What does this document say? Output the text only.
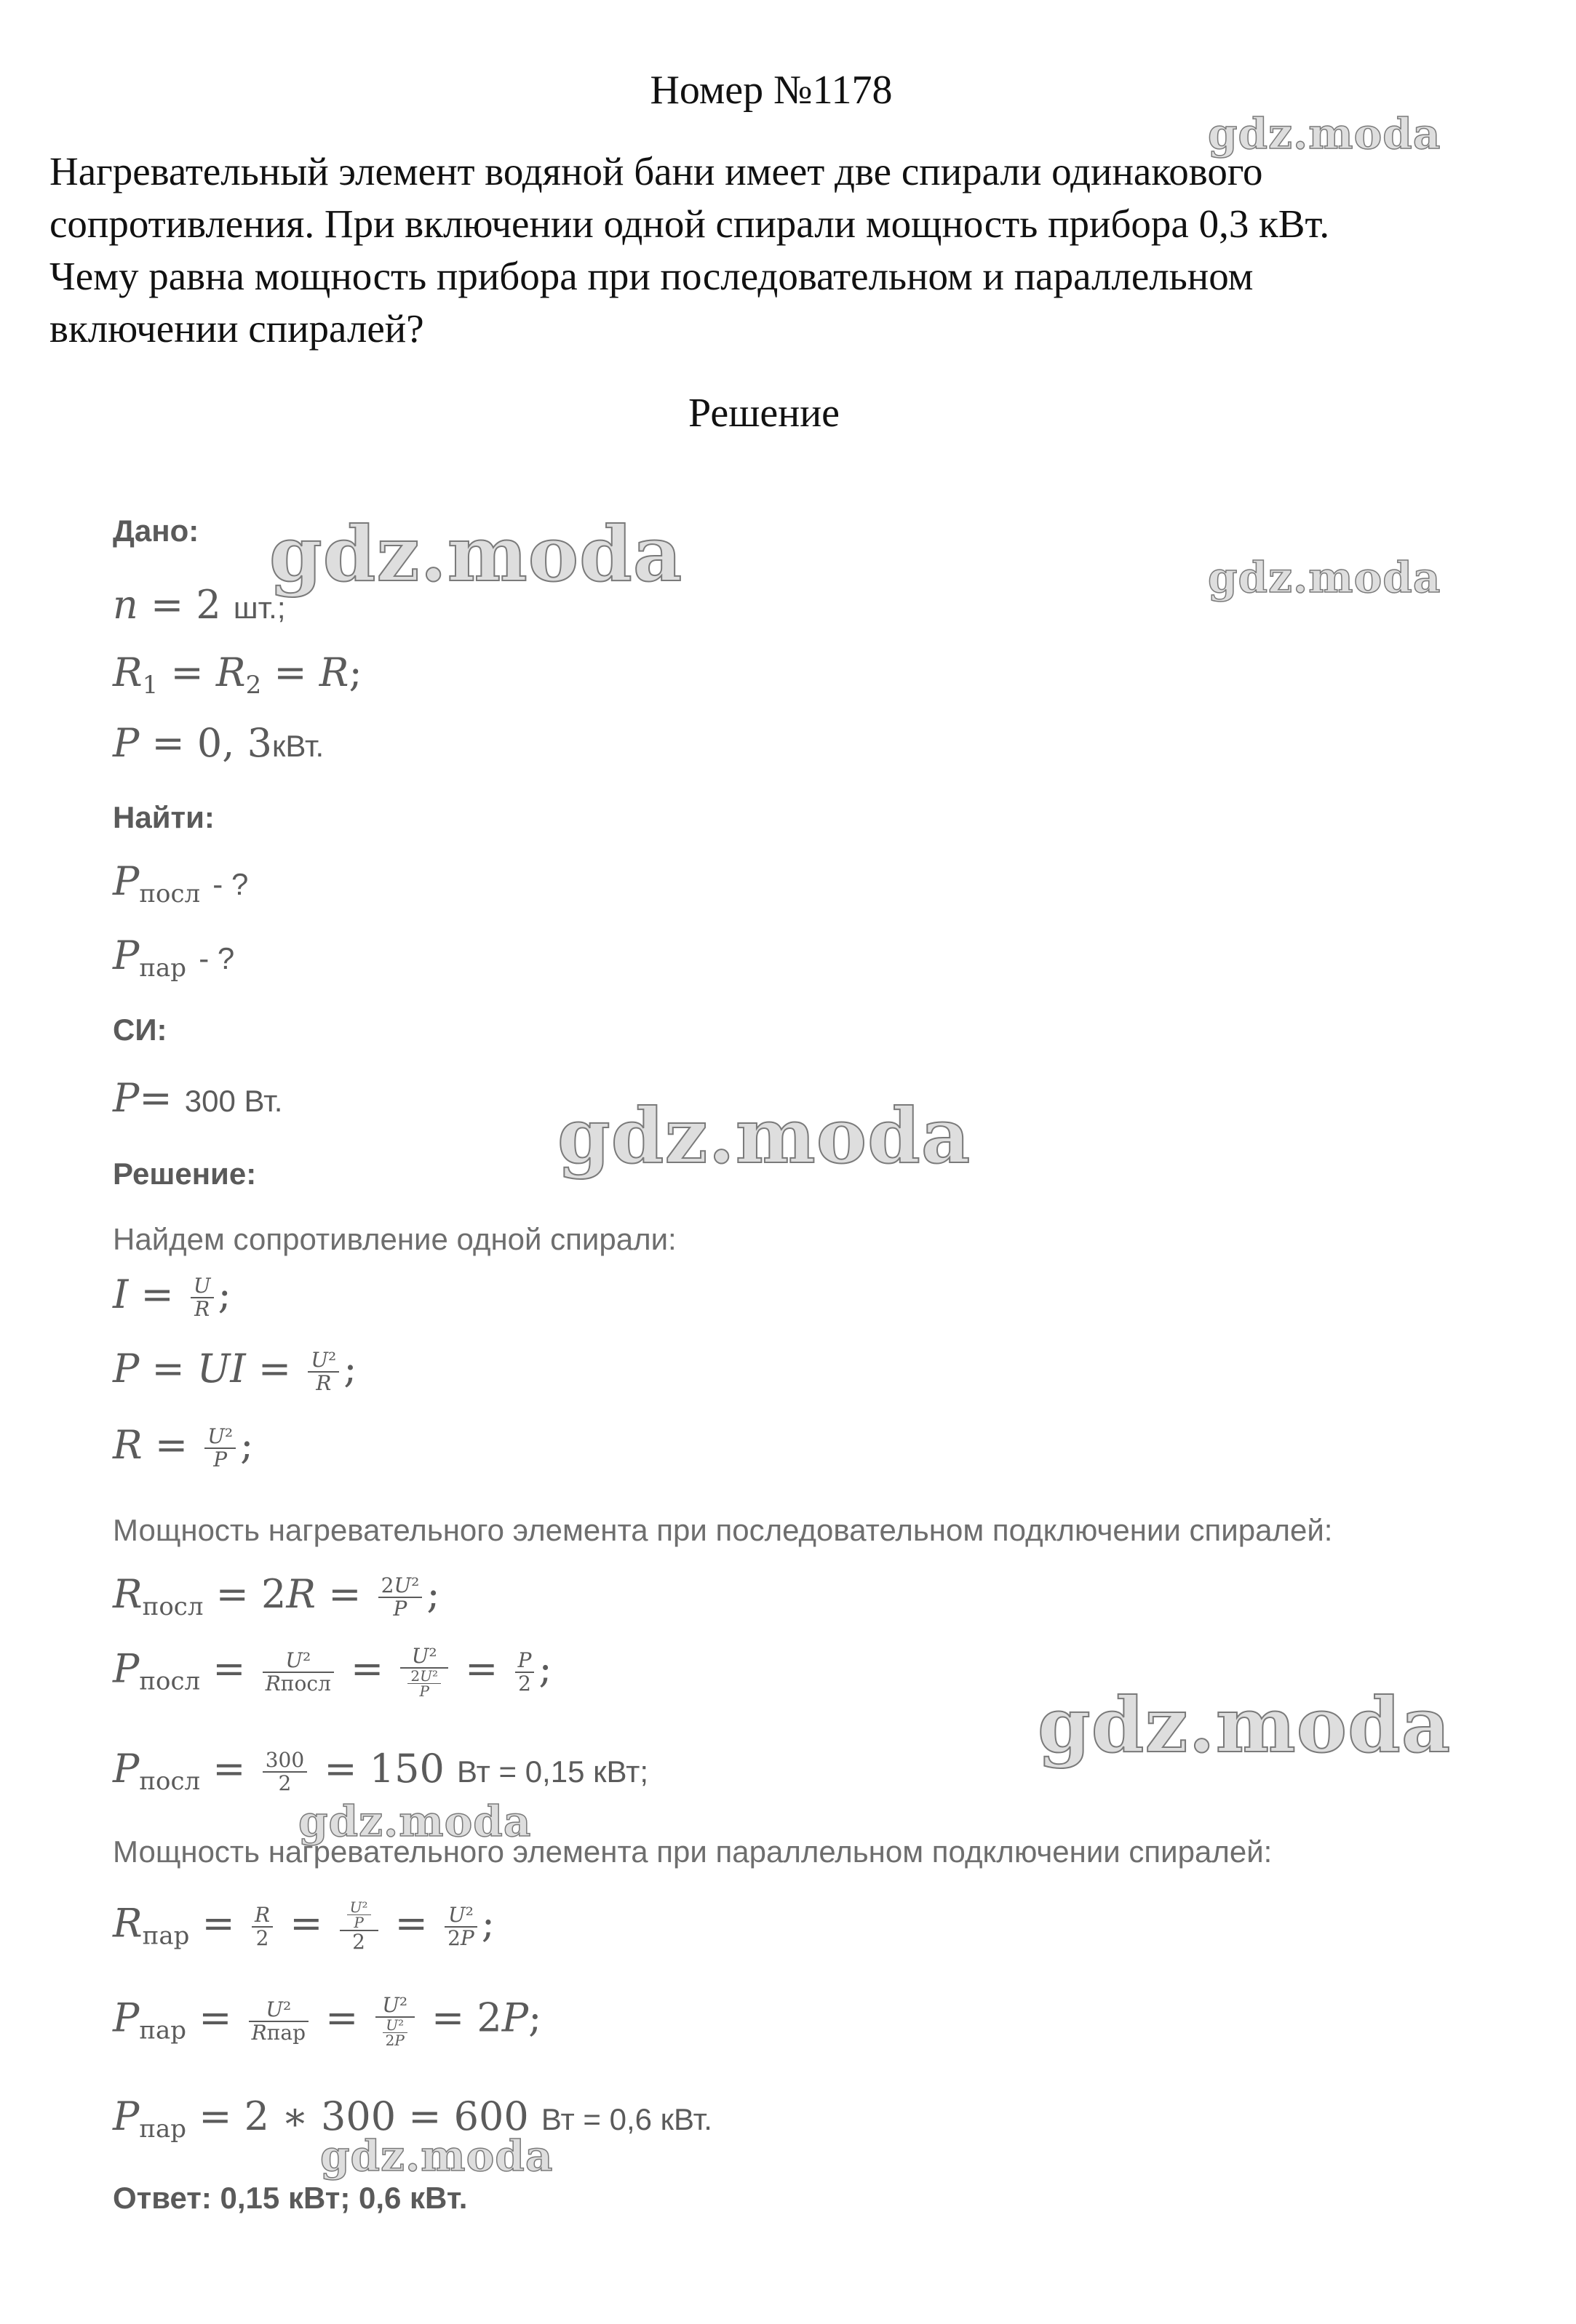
Номер №1178
Нагревательный элемент водяной бани имеет две спирали одинакового
сопротивления. При включении одной спирали мощность прибора 0,3 кВт.
Чему равна мощность прибора при последовательном и параллельном
включении спиралей?
Решение
Дано:
n = 2 шт.;
$R_1 = R_2 = R$;
P = 0, 3кВт.
Найти:
$P_{посл}$ - ?
$P_{пар}$ - ?
СИ:
P= 300 Вт.
Решение:
Найдем сопротивление одной спирали:
$I = \frac{U}{R}$ ;
P = UI = $\frac{\text{U²}}{R}$ ;
$R = \frac{\text{U²}}{P}$ ;
Мощность нагревательного элемента при последовательном подключении спиралей:
$R_{посл} = 2R = \frac{\text{2U²}}{P}$ ;
$P_{посл} = \frac{\text{U²}}{\text{Rпосл}} = \frac{\text{U²}}{\frac{\text{2U²}}{P}} = \frac{P}{2}$ ;
$P_{посл} = \frac{300}{2} = 150$ Вт = 0,15 кВт;
Мощность нагревательного элемента при параллельном подключении спиралей:
$R_{пар} = \frac{R}{2} = \frac{\frac{\text{U²}}{P}}{2} = \frac{\text{U²}}{2P}$ ;
$P_{пар} = \frac{\text{U²}}{\text{Rпар}} = \frac{\text{U²}}{\frac{\text{U²}}{2P}} = 2P$;
$P_{пар} = 2$ ∗ 300 = 600 Вт = 0,6 кВт.
Ответ: 0,15 кВт; 0,6 кВт.
gdz.moda
gdz.moda	gdz.moda
gdz.moda
gdz.moda
gdz.moda
gdz.moda
